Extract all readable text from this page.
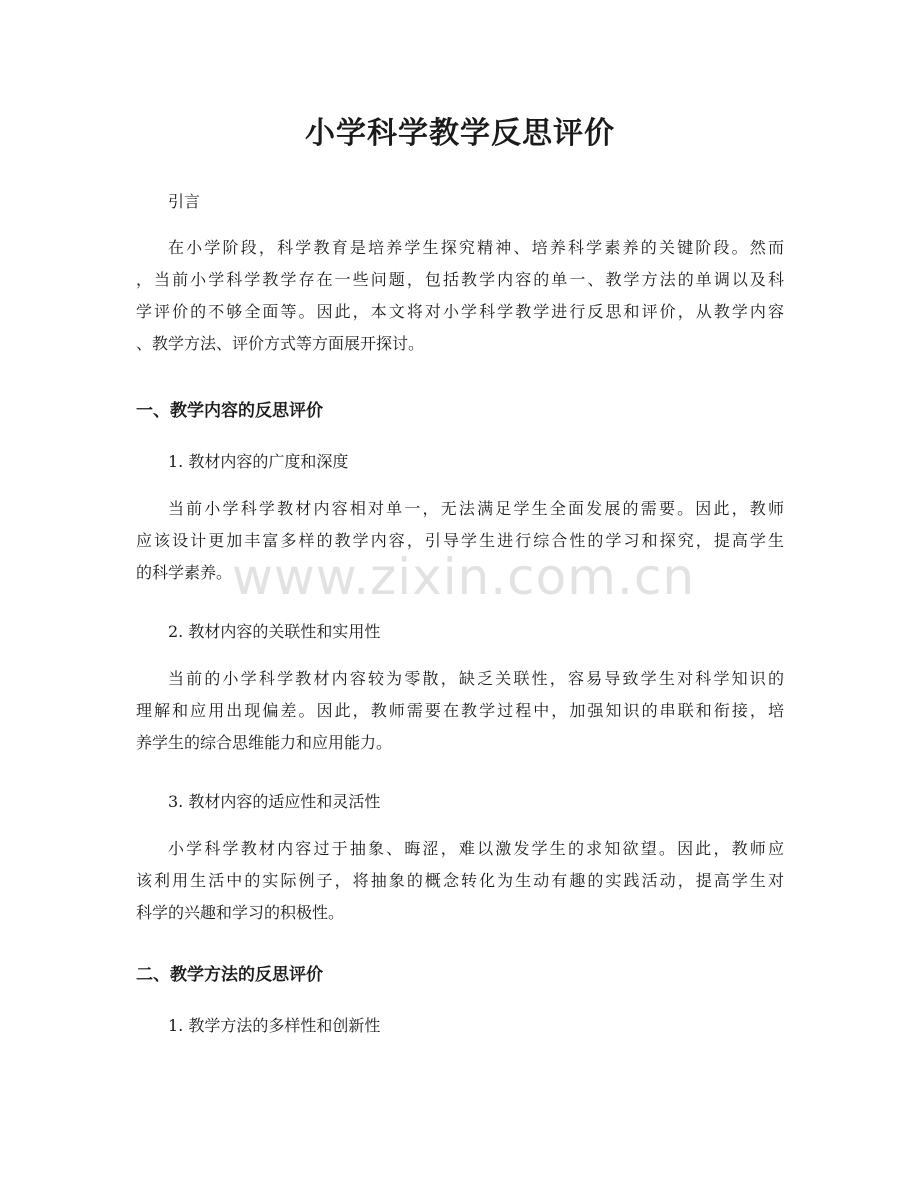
小学科学教学反思评价
引言
在小学阶段，科学教育是培养学生探究精神、培养科学素养的关键阶段。然而
，当前小学科学教学存在一些问题，包括教学内容的单一、教学方法的单调以及科
学评价的不够全面等。因此，本文将对小学科学教学进行反思和评价，从教学内容
、教学方法、评价方式等方面展开探讨。
一、教学内容的反思评价
1. 教材内容的广度和深度
当前小学科学教材内容相对单一，无法满足学生全面发展的需要。因此，教师
应该设计更加丰富多样的教学内容，引导学生进行综合性的学习和探究，提高学生
的科学素养。
2. 教材内容的关联性和实用性
当前的小学科学教材内容较为零散，缺乏关联性，容易导致学生对科学知识的
理解和应用出现偏差。因此，教师需要在教学过程中，加强知识的串联和衔接，培
养学生的综合思维能力和应用能力。
3. 教材内容的适应性和灵活性
小学科学教材内容过于抽象、晦涩，难以激发学生的求知欲望。因此，教师应
该利用生活中的实际例子，将抽象的概念转化为生动有趣的实践活动，提高学生对
科学的兴趣和学习的积极性。
二、教学方法的反思评价
1. 教学方法的多样性和创新性
www.zixin.com.cn
